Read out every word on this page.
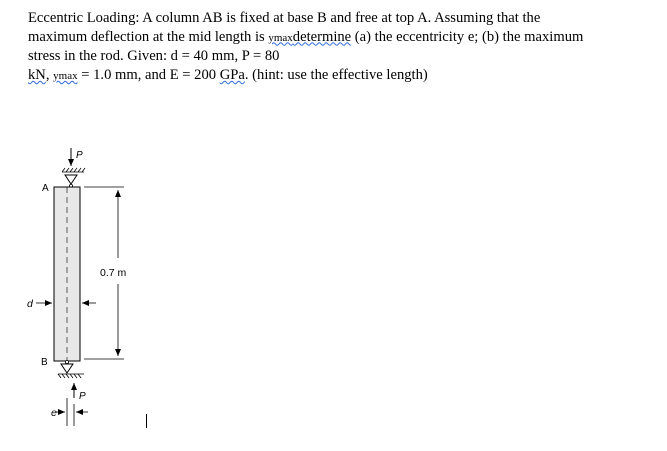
Eccentric Loading: A column AB is fixed at base B and free at top A. Assuming that the
maximum deflection at the mid length is ymaxdetermine (a) the eccentricity e; (b) the maximum
stress in the rod. Given: d = 40 mm, P = 80
kN, ymax = 1.0 mm, and E = 200 GPa. (hint: use the effective length)
P
A
0.7 m
d
B
P
e
